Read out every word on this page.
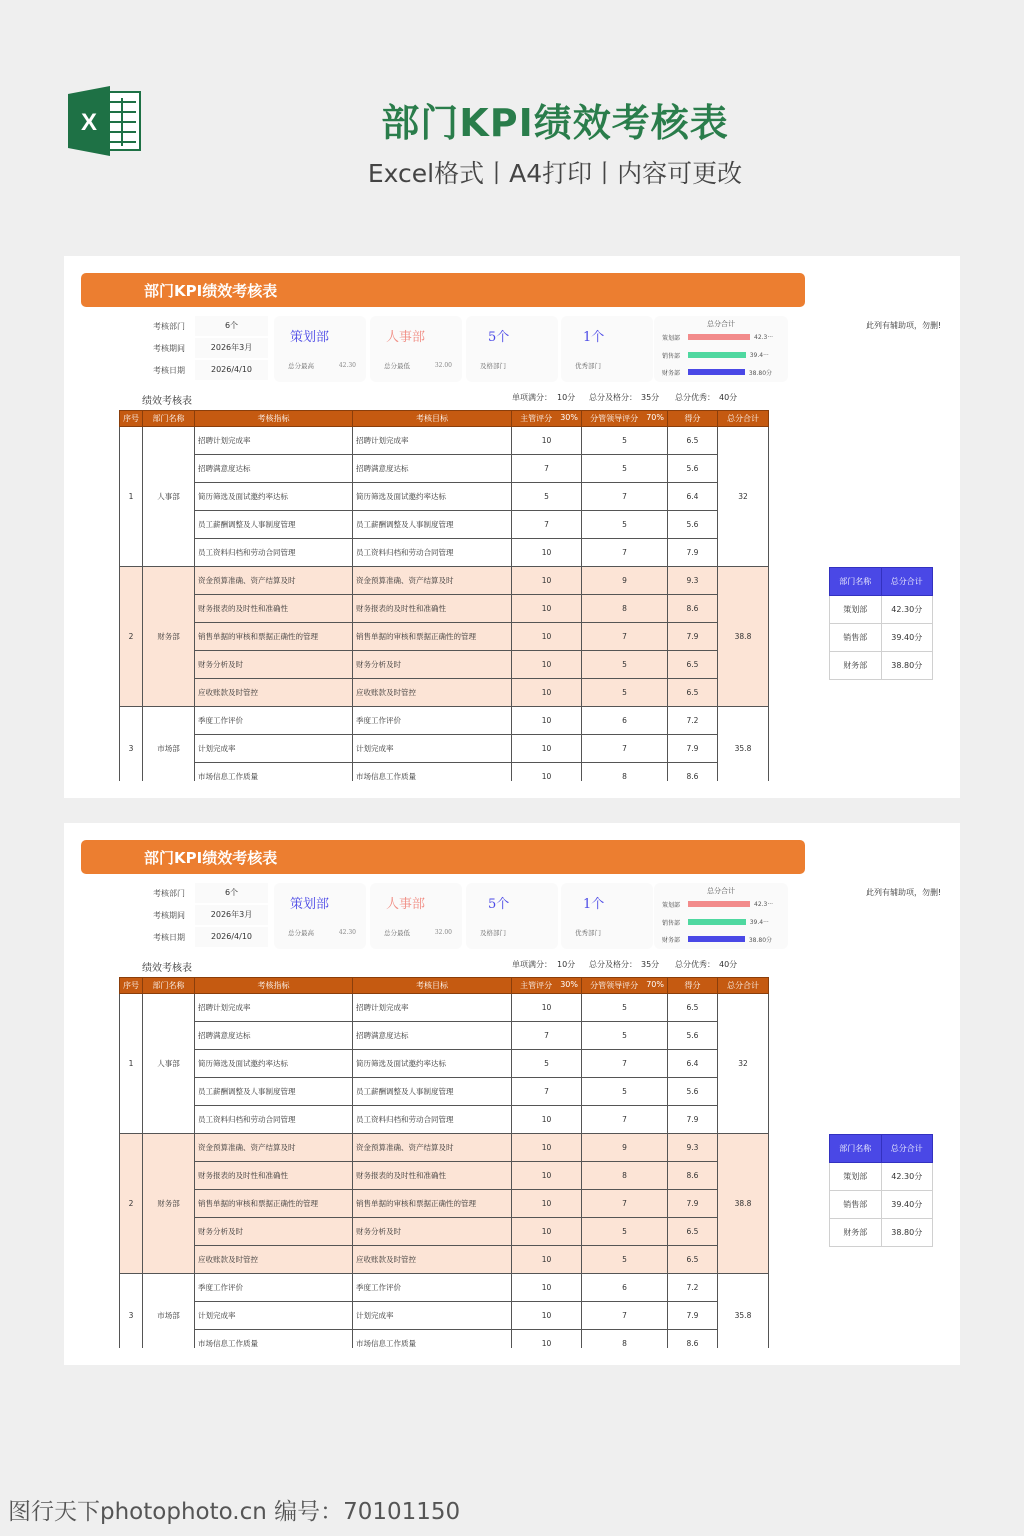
X	部门KPI绩效考核表
Excel格式丨A4打印丨内容可更改
部门KPI绩效考核表
考核部门	6个
考核期间	2026年3月
考核日期	2026/4/10
策划部
总分最高	42.30
人事部
总分最低	32.00
5个
及格部门
1个
优秀部门
总分合计
策划部	42.3···
销售部	39.4···
财务部	38.80分
此列有辅助项，勿删!
绩效考核表	单项满分： 10分 总分及格分： 35分 总分优秀： 40分
序号	部门名称	考核指标	考核目标	主管评分 30%	分管领导评分 70%	得分	总分合计
1	人事部	招聘计划完成率	招聘计划完成率	10	5	6.5	32
		招聘满意度达标	招聘满意度达标	7	5	5.6	
		简历筛选及面试邀约率达标	简历筛选及面试邀约率达标	5	7	6.4	
		员工薪酬调整及人事制度管理	员工薪酬调整及人事制度管理	7	5	5.6	
		员工资料归档和劳动合同管理	员工资料归档和劳动合同管理	10	7	7.9	
2	财务部	资金预算准确、资产结算及时	资金预算准确、资产结算及时	10	9	9.3	38.8
		财务报表的及时性和准确性	财务报表的及时性和准确性	10	8	8.6	
		销售单据的审核和票据正确性的管理	销售单据的审核和票据正确性的管理	10	7	7.9	
		财务分析及时	财务分析及时	10	5	6.5	
		应收账款及时管控	应收账款及时管控	10	5	6.5	
3	市场部	季度工作评价	季度工作评价	10	6	7.2	35.8
		计划完成率	计划完成率	10	7	7.9	
		市场信息工作质量	市场信息工作质量	10	8	8.6	
部门名称	总分合计
策划部	42.30分
销售部	39.40分
财务部	38.80分
部门KPI绩效考核表
考核部门	6个
考核期间	2026年3月
考核日期	2026/4/10
策划部
总分最高	42.30
人事部
总分最低	32.00
5个
及格部门
1个
优秀部门
总分合计
策划部	42.3···
销售部	39.4···
财务部	38.80分
此列有辅助项，勿删!
绩效考核表	单项满分： 10分 总分及格分： 35分 总分优秀： 40分
序号	部门名称	考核指标	考核目标	主管评分 30%	分管领导评分 70%	得分	总分合计
1	人事部	招聘计划完成率	招聘计划完成率	10	5	6.5	32
		招聘满意度达标	招聘满意度达标	7	5	5.6	
		简历筛选及面试邀约率达标	简历筛选及面试邀约率达标	5	7	6.4	
		员工薪酬调整及人事制度管理	员工薪酬调整及人事制度管理	7	5	5.6	
		员工资料归档和劳动合同管理	员工资料归档和劳动合同管理	10	7	7.9	
2	财务部	资金预算准确、资产结算及时	资金预算准确、资产结算及时	10	9	9.3	38.8
		财务报表的及时性和准确性	财务报表的及时性和准确性	10	8	8.6	
		销售单据的审核和票据正确性的管理	销售单据的审核和票据正确性的管理	10	7	7.9	
		财务分析及时	财务分析及时	10	5	6.5	
		应收账款及时管控	应收账款及时管控	10	5	6.5	
3	市场部	季度工作评价	季度工作评价	10	6	7.2	35.8
		计划完成率	计划完成率	10	7	7.9	
		市场信息工作质量	市场信息工作质量	10	8	8.6	
部门名称	总分合计
策划部	42.30分
销售部	39.40分
财务部	38.80分
图行天下photophoto.cn 编号：70101150
